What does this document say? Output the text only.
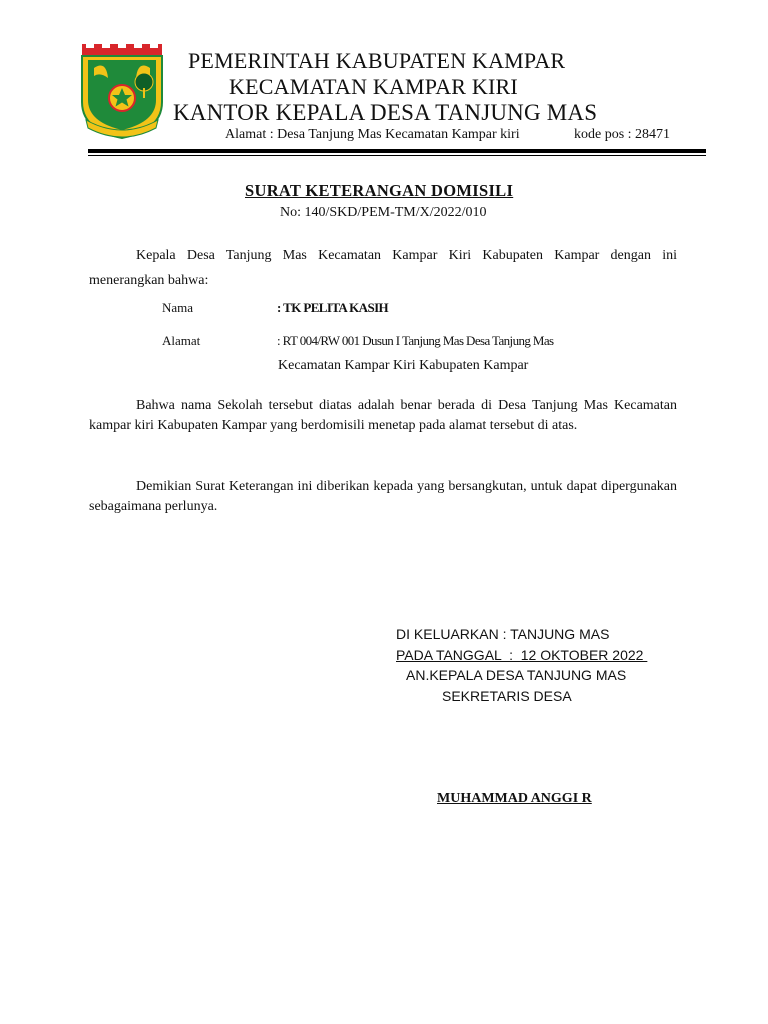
PEMERINTAH KABUPATEN KAMPAR
KECAMATAN KAMPAR KIRI
KANTOR KEPALA DESA TANJUNG MAS
Alamat : Desa Tanjung Mas Kecamatan Kampar kiri	kode pos : 28471
SURAT KETERANGAN DOMISILI
No: 140/SKD/PEM-TM/X/2022/010
Kepala Desa Tanjung Mas Kecamatan Kampar Kiri Kabupaten Kampar dengan ini
menerangkan bahwa:
Nama	: TK PELITA KASIH
Alamat	: RT 004/RW 001 Dusun I Tanjung Mas Desa Tanjung Mas
Kecamatan Kampar Kiri Kabupaten Kampar
Bahwa nama Sekolah tersebut diatas adalah benar berada di Desa Tanjung Mas Kecamatan kampar kiri Kabupaten Kampar yang berdomisili menetap pada alamat tersebut di atas.
Demikian Surat Keterangan ini diberikan kepada yang bersangkutan, untuk dapat dipergunakan sebagaimana perlunya.
DI KELUARKAN : TANJUNG MAS
PADA TANGGAL  :  12 OKTOBER 2022
AN.KEPALA DESA TANJUNG MAS
SEKRETARIS DESA
MUHAMMAD ANGGI R
